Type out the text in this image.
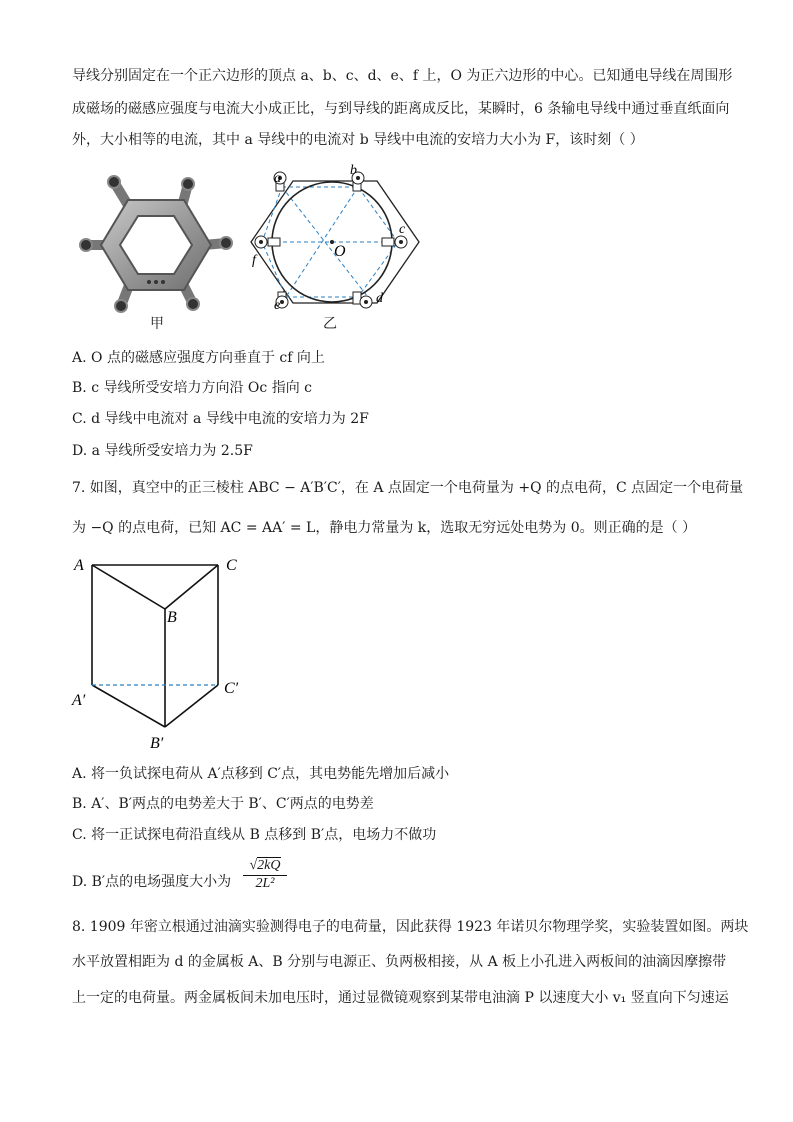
导线分别固定在一个正六边形的顶点 a、b、c、d、e、f 上，O 为正六边形的中心。已知通电导线在周围形
成磁场的磁感应强度与电流大小成正比，与到导线的距离成反比，某瞬时，6 条输电导线中通过垂直纸面向
外，大小相等的电流，其中 a 导线中的电流对 b 导线中电流的安培力大小为 F，该时刻（ ）
甲
a
b
c
d
e
f
O
乙
A. O 点的磁感应强度方向垂直于 cf 向上
B. c 导线所受安培力方向沿 Oc 指向 c
C. d 导线中电流对 a 导线中电流的安培力为 2F
D. a 导线所受安培力为 2.5F
7. 如图，真空中的正三棱柱 ABC − A′B′C′，在 A 点固定一个电荷量为 +Q 的点电荷，C 点固定一个电荷量
为 −Q 的点电荷，已知 AC = AA′ = L，静电力常量为 k，选取无穷远处电势为 0。则正确的是（ ）
A	C
B
A′
C′
B′
A. 将一负试探电荷从 A′点移到 C′点，其电势能先增加后减小
B. A′、B′两点的电势差大于 B′、C′两点的电势差
C. 将一正试探电荷沿直线从 B 点移到 B′点，电场力不做功
D. B′点的电场强度大小为
√2kQ
2L²
8. 1909 年密立根通过油滴实验测得电子的电荷量，因此获得 1923 年诺贝尔物理学奖，实验装置如图。两块
水平放置相距为 d 的金属板 A、B 分别与电源正、负两极相接，从 A 板上小孔进入两板间的油滴因摩擦带
上一定的电荷量。两金属板间未加电压时，通过显微镜观察到某带电油滴 P 以速度大小 v₁ 竖直向下匀速运
